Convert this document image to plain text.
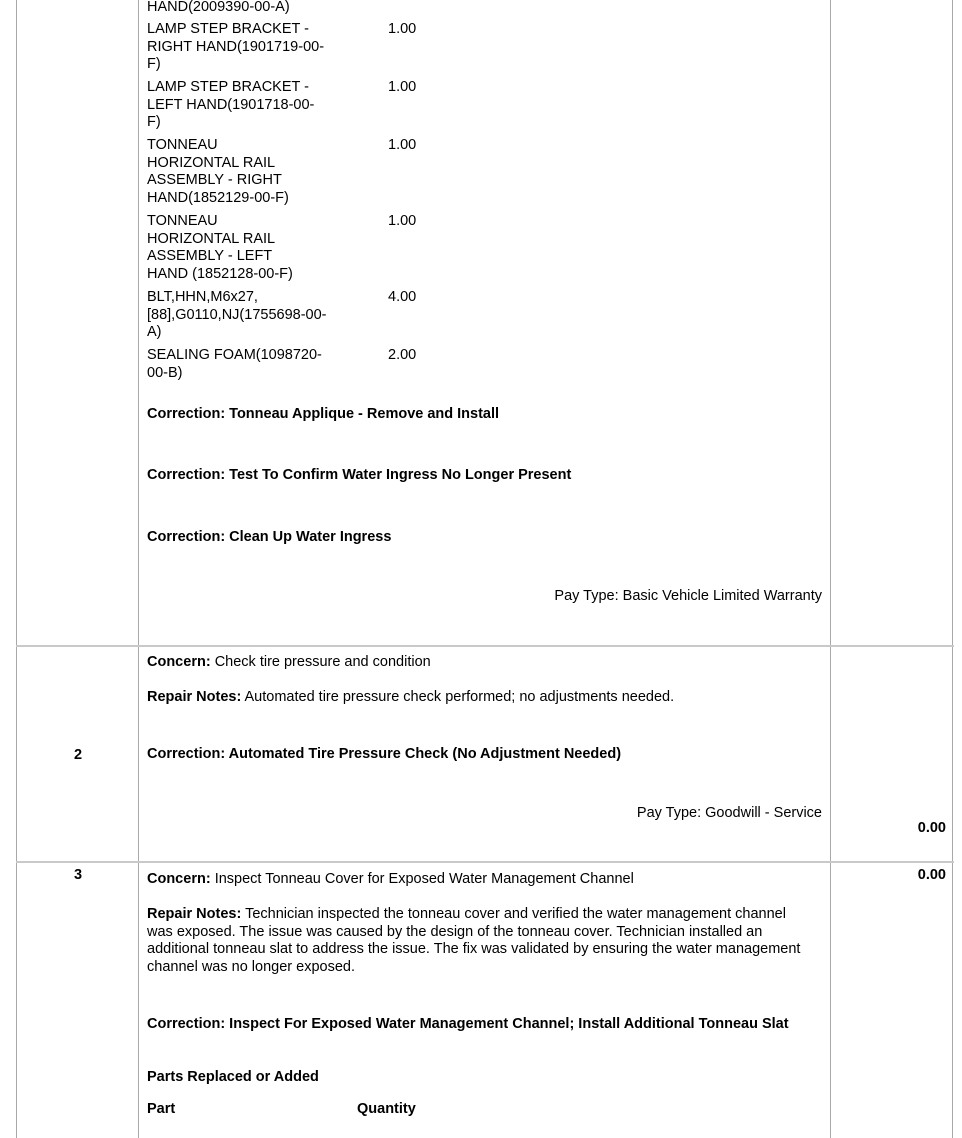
HAND(2009390-00-A)
LAMP STEP BRACKET - RIGHT HAND(1901719-00-F)
1.00
LAMP STEP BRACKET - LEFT HAND(1901718-00-F)
1.00
TONNEAU HORIZONTAL RAIL ASSEMBLY - RIGHT HAND(1852129-00-F)
1.00
TONNEAU HORIZONTAL RAIL ASSEMBLY - LEFT HAND (1852128-00-F)
1.00
BLT,HHN,M6x27,[88],G0110,NJ(1755698-00-A)
4.00
SEALING FOAM(1098720-00-B)
2.00
Correction: Tonneau Applique - Remove and Install
Correction: Test To Confirm Water Ingress No Longer Present
Correction: Clean Up Water Ingress
Pay Type: Basic Vehicle Limited Warranty
2
Concern: Check tire pressure and condition
Repair Notes: Automated tire pressure check performed; no adjustments needed.
Correction: Automated Tire Pressure Check (No Adjustment Needed)
Pay Type: Goodwill - Service
0.00
3	0.00
Concern: Inspect Tonneau Cover for Exposed Water Management Channel
Repair Notes: Technician inspected the tonneau cover and verified the water management channel was exposed. The issue was caused by the design of the tonneau cover. Technician installed an additional tonneau slat to address the issue. The fix was validated by ensuring the water management channel was no longer exposed.
Correction: Inspect For Exposed Water Management Channel; Install Additional Tonneau Slat
Parts Replaced or Added
Part	Quantity
